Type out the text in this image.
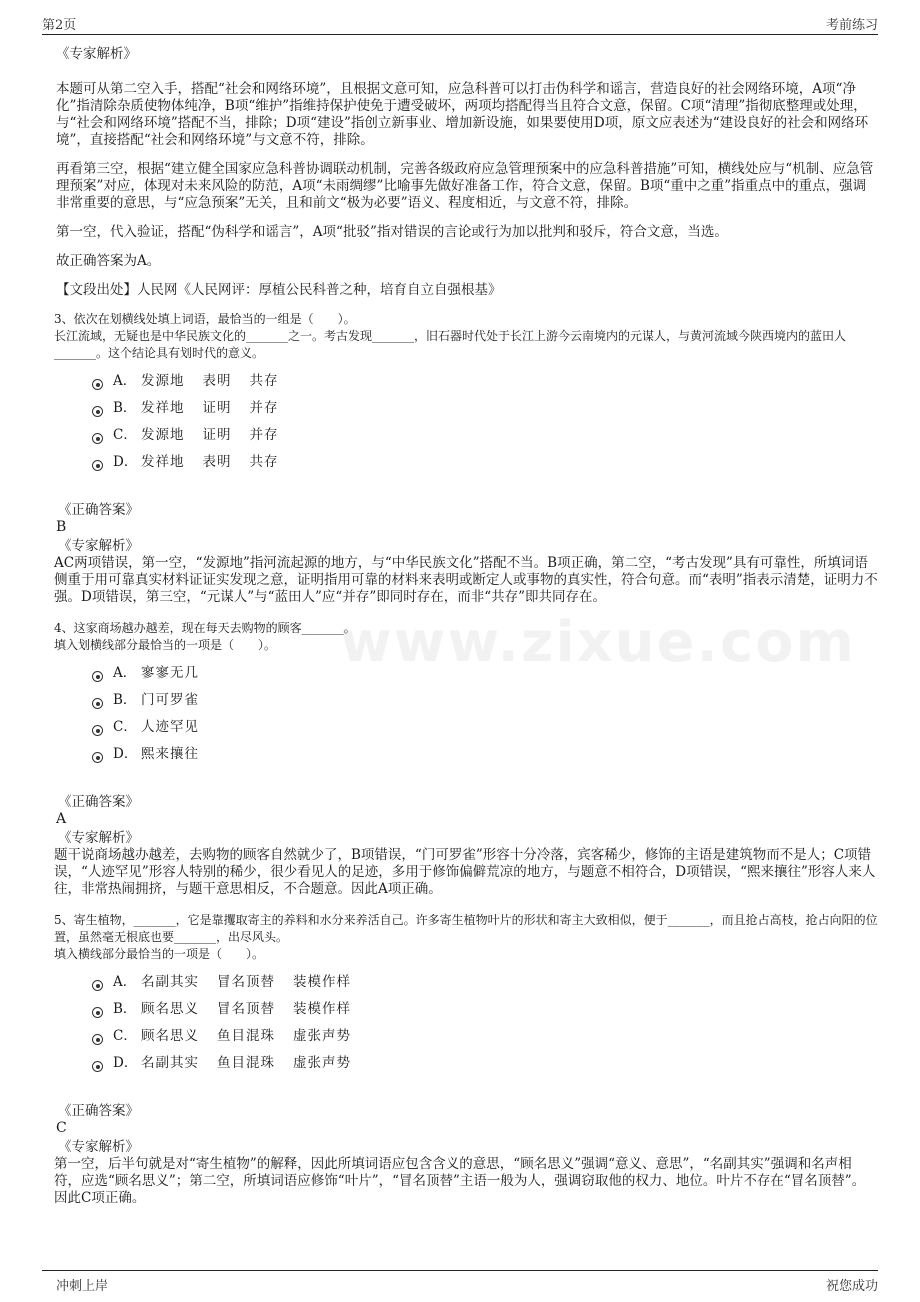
第2页	考前练习
www.zixue.com

《专家解析》

本题可从第二空入手，搭配“社会和网络环境”，且根据文意可知，应急科普可以打击伪科学和谣言，营造良好的社会网络环境，A项“净化”指清除杂质使物体纯净，B项“维护”指维持保护使免于遭受破坏，两项均搭配得当且符合文意，保留。C项“清理”指彻底整理或处理，与“社会和网络环境”搭配不当，排除；D项“建设”指创立新事业、增加新设施，如果要使用D项，原文应表述为“建设良好的社会和网络环境”，直接搭配“社会和网络环境”与文意不符，排除。

再看第三空，根据“建立健全国家应急科普协调联动机制，完善各级政府应急管理预案中的应急科普措施”可知，横线处应与“机制、应急管理预案”对应，体现对未来风险的防范，A项“未雨绸缪”比喻事先做好准备工作，符合文意，保留。B项“重中之重”指重点中的重点，强调非常重要的意思，与“应急预案”无关，且和前文“极为必要”语义、程度相近，与文意不符，排除。

第一空，代入验证，搭配“伪科学和谣言”，A项“批驳”指对错误的言论或行为加以批判和驳斥，符合文意，当选。

故正确答案为A。

【文段出处】人民网《人民网评：厚植公民科普之种，培育自立自强根基》

3、依次在划横线处填上词语，最恰当的一组是（　　）。

长江流域，无疑也是中华民族文化的_______之一。考古发现_______，旧石器时代处于长江上游今云南境内的元谋人，与黄河流域今陕西境内的蓝田人_______。这个结论具有划时代的意义。

A． 发源地 表明 共存
B． 发祥地 证明 并存
C． 发源地 证明 并存
D． 发祥地 表明 共存

《正确答案》

B

《专家解析》

AC两项错误，第一空，“发源地”指河流起源的地方，与“中华民族文化”搭配不当。B项正确，第二空，“考古发现”具有可靠性，所填词语侧重于用可靠真实材料证证实发现之意，证明指用可靠的材料来表明或断定人或事物的真实性，符合句意。而“表明”指表示清楚，证明力不强。D项错误，第三空，“元谋人”与“蓝田人”应“并存”即同时存在，而非“共存”即共同存在。

4、这家商场越办越差，现在每天去购物的顾客_______。

填入划横线部分最恰当的一项是（　　）。

A． 寥寥无几
B． 门可罗雀
C． 人迹罕见
D． 熙来攘往

《正确答案》

A

《专家解析》

题干说商场越办越差，去购物的顾客自然就少了，B项错误，“门可罗雀”形容十分冷落，宾客稀少，修饰的主语是建筑物而不是人；C项错误，“人迹罕见”形容人特别的稀少，很少看见人的足迹，多用于修饰偏僻荒凉的地方，与题意不相符合，D项错误，“熙来攘往”形容人来人往，非常热闹拥挤，与题干意思相反，不合题意。因此A项正确。

5、寄生植物，_______，它是靠攫取寄主的养料和水分来养活自己。许多寄生植物叶片的形状和寄主大致相似，便于_______，而且抢占高枝，抢占向阳的位置，虽然毫无根底也要_______，出尽风头。

填入横线部分最恰当的一项是（　　）。

A． 名副其实 冒名顶替 装模作样
B． 顾名思义 冒名顶替 装模作样
C． 顾名思义 鱼目混珠 虚张声势
D． 名副其实 鱼目混珠 虚张声势

《正确答案》

C

《专家解析》

第一空，后半句就是对“寄生植物”的解释，因此所填词语应包含含义的意思，“顾名思义”强调“意义、意思”，“名副其实”强调和名声相符，应选“顾名思义”；第二空，所填词语应修饰“叶片”，“冒名顶替”主语一般为人，强调窃取他的权力、地位。叶片不存在“冒名顶替”。因此C项正确。

冲刺上岸	祝您成功
